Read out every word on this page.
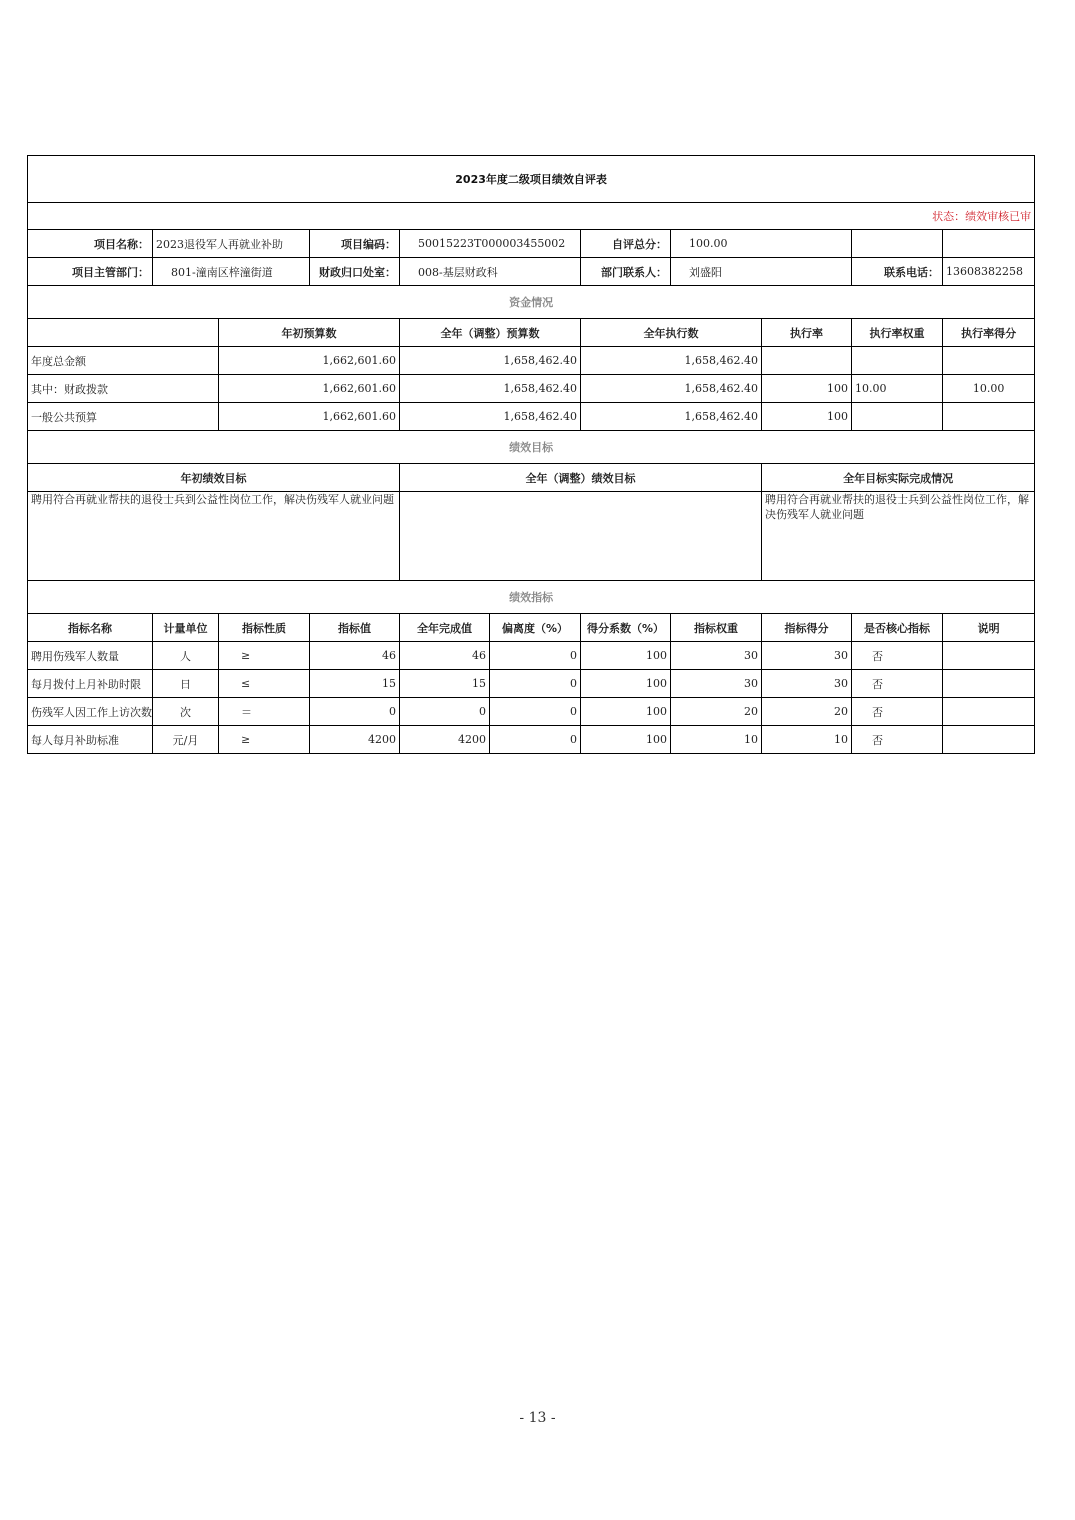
2023年度二级项目绩效自评表										
状态：绩效审核已审										
项目名称：	2023退役军人再就业补助		项目编码：	50015223T000003455002		自评总分：	100.00			
项目主管部门：	801-潼南区梓潼街道		财政归口处室：	008-基层财政科		部门联系人：	刘盛阳		联系电话：	13608382258
资金情况										
		年初预算数		全年（调整）预算数		全年执行数		执行率	执行率权重	执行率得分
年度总金额		1,662,601.60		1,658,462.40		1,658,462.40				
其中：财政拨款		1,662,601.60		1,658,462.40		1,658,462.40		100	10.00	10.00
一般公共预算		1,662,601.60		1,658,462.40		1,658,462.40		100		
绩效目标										
年初绩效目标				全年（调整）绩效目标				全年目标实际完成情况		
聘用符合再就业帮扶的退役士兵到公益性岗位工作，解决伤残军人就业问题								聘用符合再就业帮扶的退役士兵到公益性岗位工作，解决伤残军人就业问题		
绩效指标										
指标名称	计量单位	指标性质	指标值	全年完成值	偏离度（%）	得分系数（%）	指标权重	指标得分	是否核心指标	说明
聘用伤残军人数量	人	≥	46	46	0	100	30	30	否	
每月拨付上月补助时限	日	≤	15	15	0	100	30	30	否	
伤残军人因工作上访次数	次	＝	0	0	0	100	20	20	否	
每人每月补助标准	元/月	≥	4200	4200	0	100	10	10	否	
- 13 -
